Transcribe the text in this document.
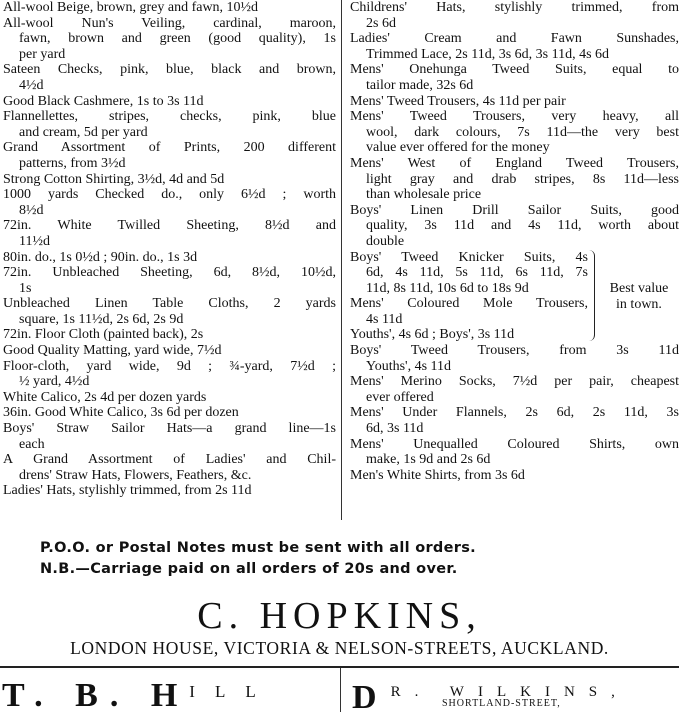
All-wool Beige, brown, grey and fawn, 10½d
All-wool Nun's Veiling, cardinal, maroon,
fawn, brown and green (good quality), 1s
per yard
Sateen Checks, pink, blue, black and brown,
4½d
Good Black Cashmere, 1s to 3s 11d
Flannellettes, stripes, checks, pink, blue
and cream, 5d per yard
Grand Assortment of Prints, 200 different
patterns, from 3½d
Strong Cotton Shirting, 3½d, 4d and 5d
1000 yards Checked do., only 6½d ; worth
8½d
72in. White Twilled Sheeting, 8½d and
11½d
80in. do., 1s 0½d ; 90in. do., 1s 3d
72in. Unbleached Sheeting, 6d, 8½d, 10½d,
1s
Unbleached Linen Table Cloths, 2 yards
square, 1s 11½d, 2s 6d, 2s 9d
72in. Floor Cloth (painted back), 2s
Good Quality Matting, yard wide, 7½d
Floor-cloth, yard wide, 9d ; ¾-yard, 7½d ;
½ yard, 4½d
White Calico, 2s 4d per dozen yards
36in. Good White Calico, 3s 6d per dozen
Boys' Straw Sailor Hats—a grand line—1s
each
A Grand Assortment of Ladies' and Chil-
drens' Straw Hats, Flowers, Feathers, &c.
Ladies' Hats, stylishly trimmed, from 2s 11d
Childrens' Hats, stylishly trimmed, from
2s 6d
Ladies' Cream and Fawn Sunshades,
Trimmed Lace, 2s 11d, 3s 6d, 3s 11d, 4s 6d
Mens' Onehunga Tweed Suits, equal to
tailor made, 32s 6d
Mens' Tweed Trousers, 4s 11d per pair
Mens' Tweed Trousers, very heavy, all
wool, dark colours, 7s 11d—the very best
value ever offered for the money
Mens' West of England Tweed Trousers,
light gray and drab stripes, 8s 11d—less
than wholesale price
Boys' Linen Drill Sailor Suits, good
quality, 3s 11d and 4s 11d, worth about
double
Boys' Tweed Knicker Suits, 4s
6d, 4s 11d, 5s 11d, 6s 11d, 7s
11d, 8s 11d, 10s 6d to 18s 9d
Mens' Coloured Mole Trousers,
4s 11d
Youths', 4s 6d ; Boys', 3s 11d
Best value
in town.
Boys' Tweed Trousers, from 3s 11d
Youths', 4s 11d
Mens' Merino Socks, 7½d per pair, cheapest
ever offered
Mens' Under Flannels, 2s 6d, 2s 11d, 3s
6d, 3s 11d
Mens' Unequalled Coloured Shirts, own
make, 1s 9d and 2s 6d
Men's White Shirts, from 3s 6d
P.O.O. or Postal Notes must be sent with all orders.
N.B.—Carriage paid on all orders of 20s and over.
C. HOPKINS,
LONDON HOUSE, VICTORIA & NELSON-STREETS, AUCKLAND.
T. B. $H^{ILL}$ D $^{R. WILKINS,}$
SHORTLAND-STREET,
